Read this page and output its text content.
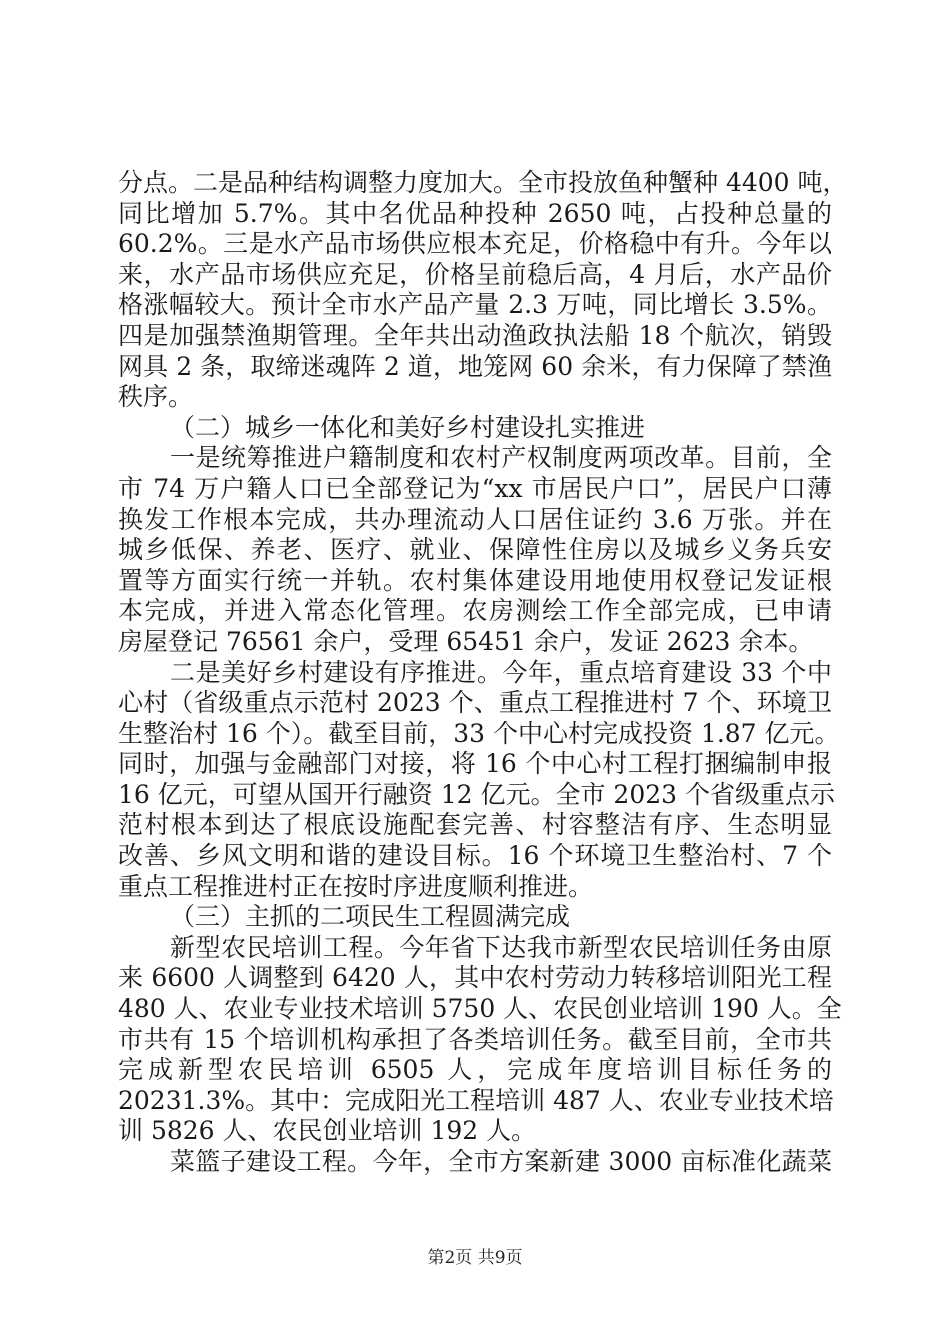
分点。二是品种结构调整力度加大。全市投放鱼种蟹种 4400 吨，
同比增加 5.7%。其中名优品种投种 2650 吨，占投种总量的
60.2%。三是水产品市场供应根本充足，价格稳中有升。今年以
来，水产品市场供应充足，价格呈前稳后高，4 月后，水产品价
格涨幅较大。预计全市水产品产量 2.3 万吨，同比增长 3.5%。
四是加强禁渔期管理。全年共出动渔政执法船 18 个航次，销毁
网具 2 条，取缔迷魂阵 2 道，地笼网 60 余米，有力保障了禁渔
秩序。
（二）城乡一体化和美好乡村建设扎实推进
一是统筹推进户籍制度和农村产权制度两项改革。目前，全
市 74 万户籍人口已全部登记为“xx 市居民户口”，居民户口薄
换发工作根本完成，共办理流动人口居住证约 3.6 万张。并在
城乡低保、养老、医疗、就业、保障性住房以及城乡义务兵安
置等方面实行统一并轨。农村集体建设用地使用权登记发证根
本完成，并进入常态化管理。农房测绘工作全部完成，已申请
房屋登记 76561 余户，受理 65451 余户，发证 2623 余本。
二是美好乡村建设有序推进。今年，重点培育建设 33 个中
心村（省级重点示范村 2023 个、重点工程推进村 7 个、环境卫
生整治村 16 个）。截至目前，33 个中心村完成投资 1.87 亿元。
同时，加强与金融部门对接，将 16 个中心村工程打捆编制申报
16 亿元，可望从国开行融资 12 亿元。全市 2023 个省级重点示
范村根本到达了根底设施配套完善、村容整洁有序、生态明显
改善、乡风文明和谐的建设目标。16 个环境卫生整治村、7 个
重点工程推进村正在按时序进度顺利推进。
（三）主抓的二项民生工程圆满完成
新型农民培训工程。今年省下达我市新型农民培训任务由原
来 6600 人调整到 6420 人，其中农村劳动力转移培训阳光工程
480 人、农业专业技术培训 5750 人、农民创业培训 190 人。全
市共有 15 个培训机构承担了各类培训任务。截至目前，全市共
完成新型农民培训 6505 人，完成年度培训目标任务的
20231.3%。其中：完成阳光工程培训 487 人、农业专业技术培
训 5826 人、农民创业培训 192 人。
菜篮子建设工程。今年，全市方案新建 3000 亩标准化蔬菜
第2页 共9页
